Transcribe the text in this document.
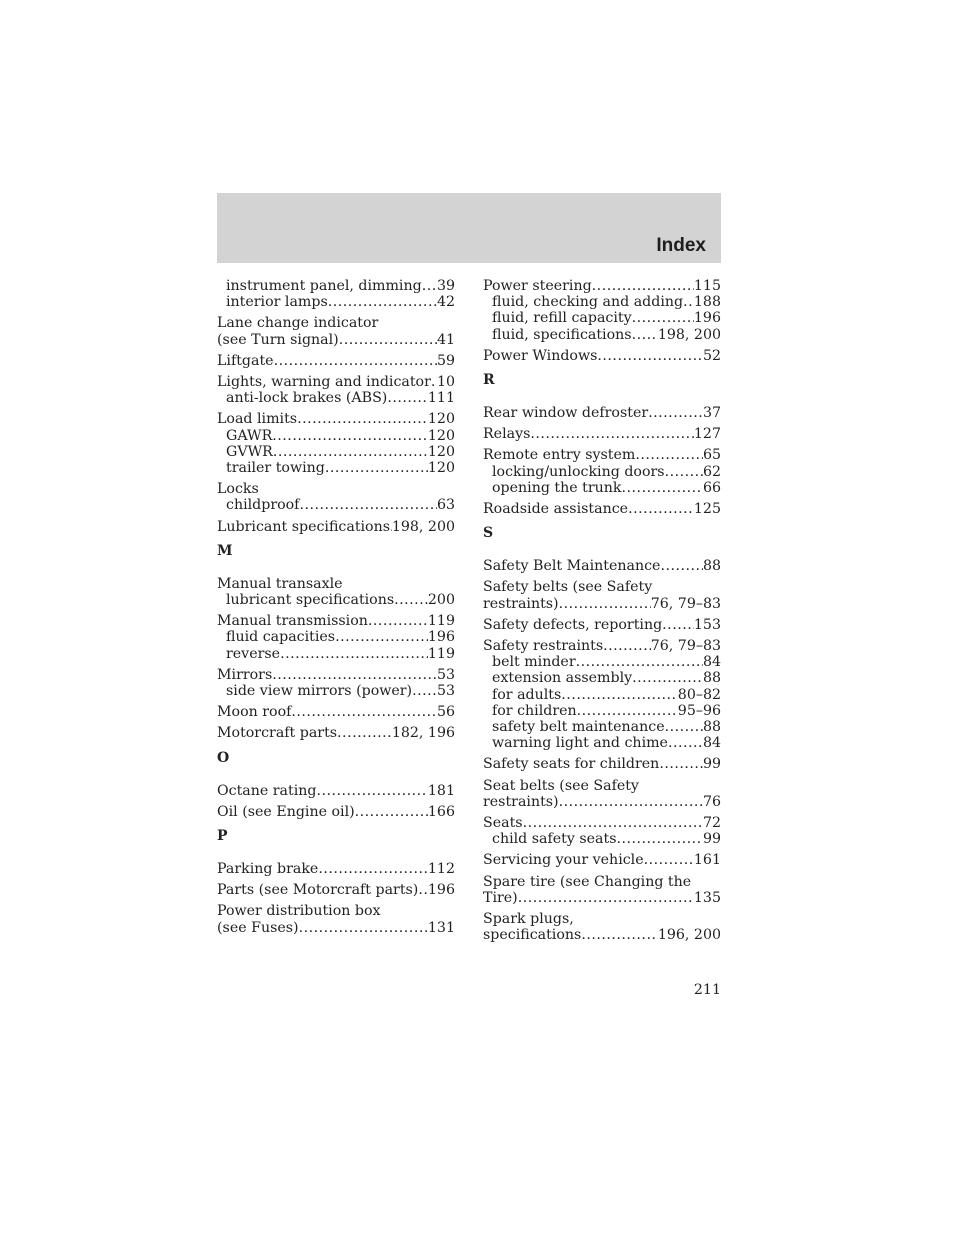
Index
instrument panel, dimming ..... 39
interior lamps .....	42
Lane change indicator
(see Turn signal) .....	41
Liftgate .....	59
Lights, warning and indicator ..... 10
anti-lock brakes (ABS) .....	111
Load limits .....	120
GAWR .....	120
GVWR .....	120
trailer towing .....	120
Locks
childproof .....	63
Lubricant specifications ..... 198, 200
M
Manual transaxle
lubricant specifications ..... 200
Manual transmission .....	119
fluid capacities .....	196
reverse .....	119
Mirrors .....	53
side view mirrors (power) ..... 53
Moon roof .....	56
Motorcraft parts .....	182, 196
O
Octane rating .....	181
Oil (see Engine oil) .....	166
P
Parking brake .....	112
Parts (see Motorcraft parts) ..... 196
Power distribution box
(see Fuses) .....	131
Power steering .....	115
fluid, checking and adding ..... 188
fluid, refill capacity .....	196
fluid, specifications ..... 198, 200
Power Windows .....	52
R
Rear window defroster .....	37
Relays .....	127
Remote entry system .....	65
locking/unlocking doors .....	62
opening the trunk .....	66
Roadside assistance .....	125
S
Safety Belt Maintenance .....	88
Safety belts (see Safety
restraints) .....	76, 79–83
Safety defects, reporting ..... 153
Safety restraints .....	76, 79–83
belt minder .....	84
extension assembly .....	88
for adults .....	80–82
for children .....	95–96
safety belt maintenance .....	88
warning light and chime ..... 84
Safety seats for children .....	99
Seat belts (see Safety
restraints) .....	76
Seats .....	72
child safety seats .....	99
Servicing your vehicle .....	161
Spare tire (see Changing the
Tire) .....	135
Spark plugs,
specifications .....	196, 200
211
